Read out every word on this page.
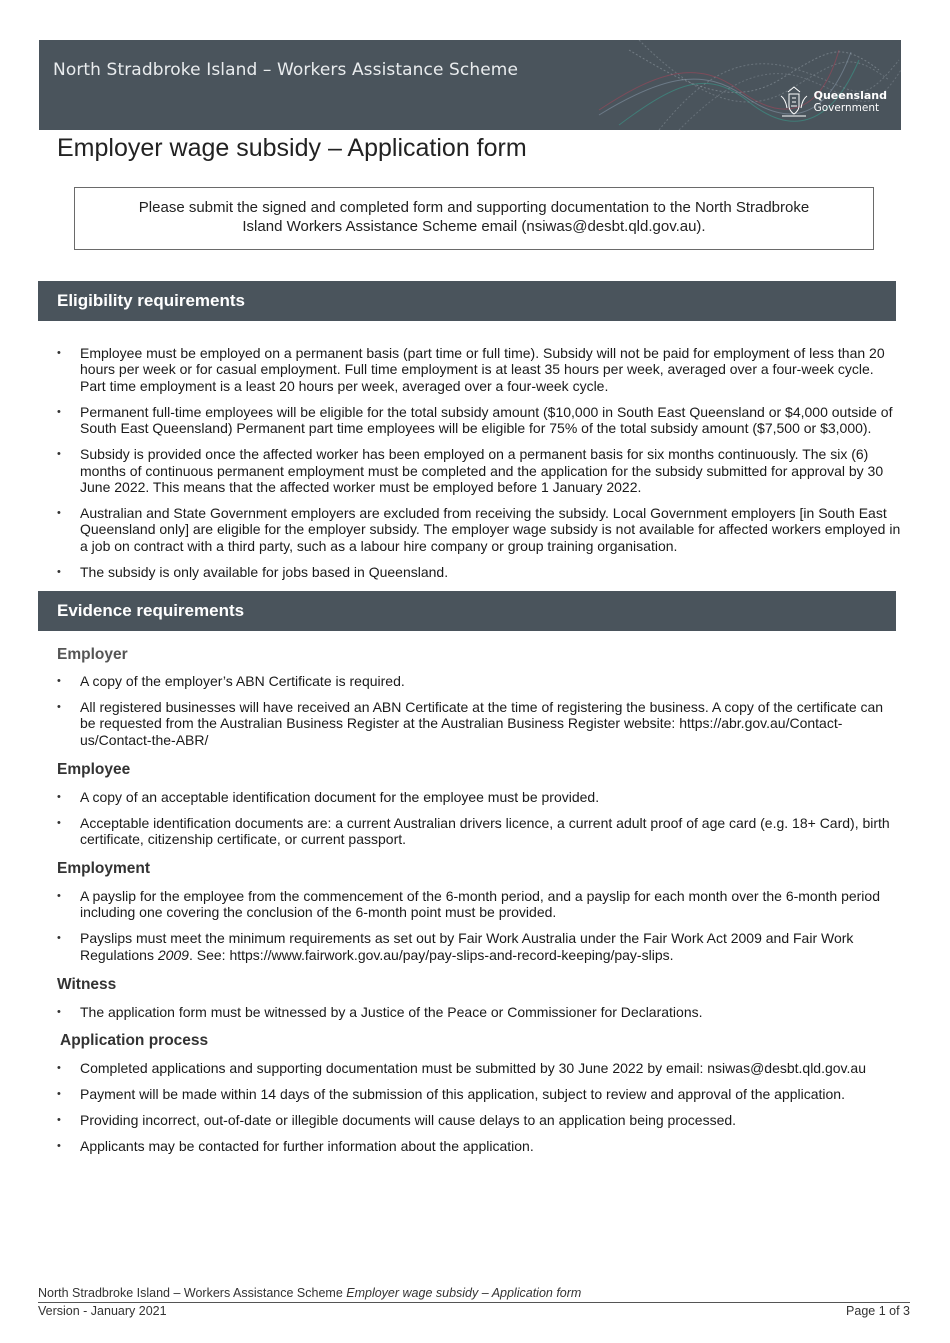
North Stradbroke Island – Workers Assistance Scheme
Queensland
Government
Employer wage subsidy – Application form
Please submit the signed and completed form and supporting documentation to the North Stradbroke
Island Workers Assistance Scheme email (nsiwas@desbt.qld.gov.au).
Eligibility requirements
• Employee must be employed on a permanent basis (part time or full time). Subsidy will not be paid for employment of less than 20 hours per week or for casual employment. Full time employment is at least 35 hours per week, averaged over a four-week cycle. Part time employment is a least 20 hours per week, averaged over a four-week cycle.
• Permanent full-time employees will be eligible for the total subsidy amount ($10,000 in South East Queensland or $4,000 outside of South East Queensland) Permanent part time employees will be eligible for 75% of the total subsidy amount ($7,500 or $3,000).
• Subsidy is provided once the affected worker has been employed on a permanent basis for six months continuously. The six (6) months of continuous permanent employment must be completed and the application for the subsidy submitted for approval by 30 June 2022. This means that the affected worker must be employed before 1 January 2022.
• Australian and State Government employers are excluded from receiving the subsidy. Local Government employers [in South East Queensland only] are eligible for the employer subsidy. The employer wage subsidy is not available for affected workers employed in a job on contract with a third party, such as a labour hire company or group training organisation.
• The subsidy is only available for jobs based in Queensland.
Evidence requirements
Employer
• A copy of the employer’s ABN Certificate is required.
• All registered businesses will have received an ABN Certificate at the time of registering the business. A copy of the certificate can be requested from the Australian Business Register at the Australian Business Register website: https://abr.gov.au/Contact-us/Contact-the-ABR/
Employee
• A copy of an acceptable identification document for the employee must be provided.
• Acceptable identification documents are: a current Australian drivers licence, a current adult proof of age card (e.g. 18+ Card), birth certificate, citizenship certificate, or current passport.
Employment
• A payslip for the employee from the commencement of the 6-month period, and a payslip for each month over the 6-month period including one covering the conclusion of the 6-month point must be provided.
• Payslips must meet the minimum requirements as set out by Fair Work Australia under the Fair Work Act 2009 and Fair Work Regulations 2009. See: https://www.fairwork.gov.au/pay/pay-slips-and-record-keeping/pay-slips.
Witness
• The application form must be witnessed by a Justice of the Peace or Commissioner for Declarations.
Application process
• Completed applications and supporting documentation must be submitted by 30 June 2022 by email: nsiwas@desbt.qld.gov.au
• Payment will be made within 14 days of the submission of this application, subject to review and approval of the application.
• Providing incorrect, out-of-date or illegible documents will cause delays to an application being processed.
• Applicants may be contacted for further information about the application.
North Stradbroke Island – Workers Assistance Scheme Employer wage subsidy – Application form
Version - January 2021	Page 1 of 3
